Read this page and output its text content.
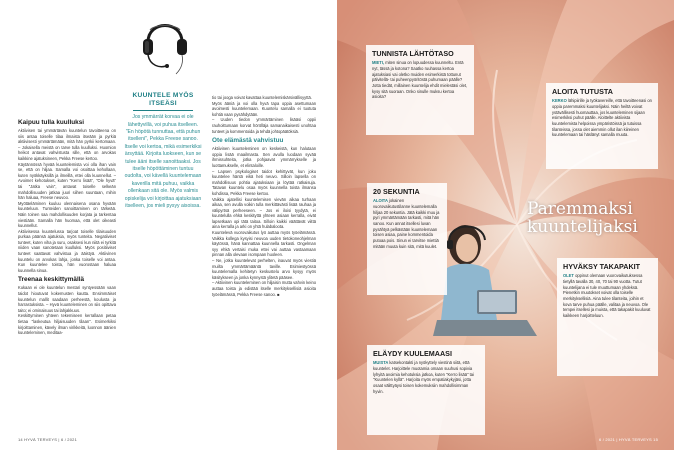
Kaipuu tulla kuulluksi

Aktiivisen tai ymmärtävän kuuntelun tavoitteena on siis antaa toiselle tilaa ilmaista itseään ja pyrkiä aktiivisesti ymmärtämään, mitä hän pyrkii kertomaan. – Jokaisella meistä on tarve tulla kuulluksi. Huomion heikot antavat vahvistusta sille, että on arvokas kaikkine ajatuksineen, Pekka Freese kertoo.

Käytännössä hyvää kuuntelemista voi olla ihan vain se, että on hiljaa. Samalla voi osoittaa kehollaan, kuten nyökkäyksillä ja ilmeillä, ettei olla kuunnellut. – Avoimet kehotukset, kuten "Kerro lisää", "Ole hyvä" tai "Jatka vain", antavat toiselle selkeän mahdollisuuden jatkaa juuri siihen suuntaan, mihin hän haluaa, Freese neuvoo.

Myötäeläminen kuuluu olennaisena osana hyvään kuunteluun. Tunteiden sanoittaminen on tärkeää. Näin toinen saa mahdollisuuden korjata ja tarkentaa viestiään. Samalla hän huomaa, että olet oikeasti kuunnellut.

Aktiivisessa kuuntelussa tarjoat toiselle tilaisuuden purkaa päänsä ajatuksia, myös tunteita. Negatiiviset tunteet, kuten viha ja suru, osaksesi kun niitä ei tyrkitä niiden vaan sanotetaan kuulluksi. Myös positiiviset tunteet saattavat vahvistua ja ääistyä. Aktiivinen kuuntelu on arvokas lahja, jonka toiselle voi antaa. Kun kuuntelee toista, hän vuorostaan haluaa kuunnella sinua.

Treenaa keskittymällä

Kukaan ei ole kuuntelun mestari syntyessään vaan taidot hioutuvat kokemusten kautta. Ensimmäiset kuuntelun mallit saadaan perheestä, koulusta ja harrastuksista. – Hyvä kuunteleminen on siis opittava taito; ei ominaisuus tai lahjakkuus.

Keskittyminen yhteen tekemiseen kerrallaan petaa tietaa "laskeutua hiljaisuuden tilaan". Esimerkiksi kirjoittaminen, kävely ilman virikkeitä, luonnon äänien kuunteleminen, meditaa-

KUUNTELE MYÖS ITSEÄSI
Jos ymmärrät korvaa ei ole lähettyvillä, voi puhua itselleen. "En höpötä tunnuttaa, että puhun itselleni", Pekka Freese sanoo. Itselle voi kertoa, mikä esimerkiksi ärsyttää. Kirjoita luokseen, kun se tulee ääni itselle sanoittaaksi. Jos itselle höpöttäminen tuntuu oudolta, voi kävellä kuuntelemaan kaverilla mitä puhuu, vaikka ollenkaan sitä ole. Myös valmis opiskelija voi kirjoittaa ajatuksiaan itselleen, jos mieli pysyy aisoissa.

tio tai jooga voivat kavattaa kuuntelemiskärsivällisyyttä.

Myös ääniä ja voi olla hyvä tapa oppia asettumaan avoimesti kuuntelemaan. Kuuntelu samalla ei tuotuta kohtiä vaan pysähdytään.

– Uuden tiedon ymmärtäminen lisääsi oppii rauhoittumaan korvat hörölläja samanaikaisesti unohtaa tunteet ja kommentoida ja tehdä johtopäätöksiä.

Ote elämästä vahvistuu

Aktiivinen kuunteleminen on keskeistä, kun halutaan oppia lisää maailmasta. Sen avulla luodaan syvää ihmissuhteita, jotka pohjaavat ymmärrykselle ja luottamukselle, et elintaloille.

– Lapsen psykologiset taidot kehittyvät, kun joku kuuntelee häntä eikä heti neuvo. Silloin lapsella on mahdollisuus pohtia ajatuksiaan ja löytää ratkaisuja. Tatavan kuuntelu osaa myös kuunnella toista ilmansa kohdissa, Pekka Freese kertoo.

Vaikka ajatellisi kuuntelemisen vievän aikaa turhaan aikaa, sen avulla voikin tulla merkittävästi lisää rauhaa ja välipyrtsä perheeseen. – Jos ei iloisi tyydytä, ei kuuntelulla ehkä keskityttä yhteen asiaan kerralla, eivät lapsetkaan opi tätä taitoa. Silloin kaikki väättävät viittä aina kerralla ja arki on yhtä hulabaloota.

Kuuntelevä vuorovaikutus lyö auttaa myös työelämässä. Vaikka kollega kysyisi neuvoa uuden tietokoneohjelman käytössä, hänä kannattaa kuunnella tarkasti. Ongelman syy ehkä vertaisi muka ettei vai auttaa vastaamaan pinnan alla olevaan isompaan huoleen.

– Ne, jotka kuuntelevat perhelten, inauvat myös viestiä muilta ymmärtämääntä taville. Esimiestyössä kuuntelemalla kehitetyn keskustelu arvo kysyy myös käsitykseen ja jonka kynnystä ylitetä pääsee.

– Aktiivinen kuunteleminen on hiljaisin mutta vahvin keino auttaa toista ja edistää itselle merkityksellisiä asioita työelämässä, Pekka Freese sanoo. ■

14 HYVÄ TERVEYS | 6 / 2021
Paremmaksi
kuuntelijaksi
TUNNISTA LÄHTÖTASO
MIETI, miten sinua on lopuudessa kuunneltu. Entä nyt, tässä ja kotona? Saatko ruuhassa kertoa ajatuksiasi vai oletko muiden esimerkistä tottunut pälvitellä- tai puheenpyöritöstä puhumaan päälle? Jotta tiedät, millainen kuuntelija ehdit mielestäsi olet, kysy sitä suoraan. Onko sinulle muksu kertoa asioita?
ALOITA TUTUSTA
KERKO lähipiirille ja työkavereille, että tavoitteenasi on oppia paremmaksi kuuntelijaksi. Näin heiltä voivat ystävällisesti huomauttaa, jos kuunteleminen sijaan esimerkiksi puhut päälle. Aloittelte aktiivista kuuntelemista helpoissa ympäristöissä ja tutuissa tilanteissa, jossa olet aiemmin ollut ilan kiireinen kuuntelemaan tai häslänyt samalla muuta.
20 SEKUNTIA
ALOITA jokainen vuorovaikutustilanne kuuntelemalla hiljaa 20 sekuntia. Jätä kaikki muu ja pyri ymmärtämään tarkasti, mitä hän sanoo. Kun annat itsellesi luvan pysähtyä pelkästään kuuntelemaan toisen asiaa, paine kommentoida putoaa pois. Sinun ei tarvitse miettiä mitään muuta kuin sitä, mitä kuulet.
HYVÄKSY TAKAPAKIT
OLET oppinut olemaan vuorovaikutuksessa tietyllä tavalla 30, 40, 70 tai 90 vuotta. Tutut kuuntelijana ei tule muuttumaan yhdeksä. Pienetkin muutokset voivat olla toiselle merkityksellisiä. Aina tulee tilanteita, joihin et kova tarve puhua päälle, valitaa ja neuvoa. Ole tempei itsellesi ja muista, että takapakit kuuluvat kaikkeen harjoitteluun.
ELÄYDY KUULEMAASI
MUISTA katsekontakti ja nyökyttely viestinä siitä, että kuuntelet. Harjoittele muotamia omaan suuhusi sopivia lyhyitä avoimia kehotuksia jatkoa, kuten "Kerro lisää" tai "Kuuntelen kyllä". Harjoita myös empatiakykyjäsi, jotta osaat välittyäysi toisen kokemuksiin mahdollisimman hyvin.
6 / 2021 | HYVÄ TERVEYS 15
